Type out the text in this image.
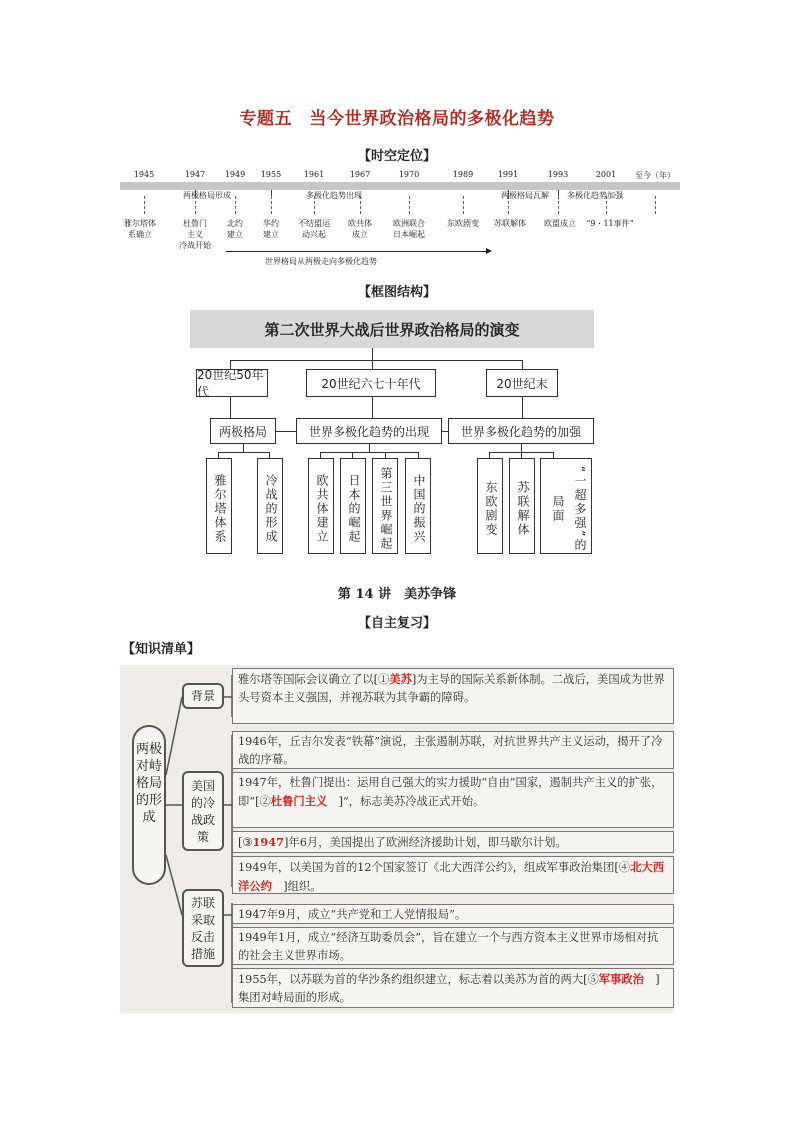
专题五　当今世界政治格局的多极化趋势
【时空定位】
1945	1947 1949 1955	1961	1967	1970	1989	1991	1993	2001 至今（年）
两极格局形成	多极化趋势出现	两极格局瓦解 多极化趋势加强
雅尔塔体
系确立
杜鲁门
主义
冷战开始
北约
建立
华约
建立
不结盟运
动兴起
欧共体
成立
欧洲联合
日本崛起
东欧剧变 苏联解体 欧盟成立 “9・11事件”
世界格局从两极走向多极化趋势
【框图结构】
第二次世界大战后世界政治格局的演变
20世纪50年代
20世纪六七十年代	20世纪末
两极格局	世界多极化趋势的出现	世界多极化趋势的加强
雅尔塔体系	冷战的形成	欧共体建立	日本的崛起	第三世界崛起	中国的振兴	东欧剧变	苏联解体	“一超多强”的局面
第 14 讲　美苏争锋
【自主复习】
【知识清单】
两极对峙格局的形成
背景
美国的冷战政策
苏联采取反击措施
雅尔塔等国际会议确立了以[①美苏]为主导的国际关系新体制。二战后，美国成为世界头号资本主义强国，并视苏联为其争霸的障碍。
1946年，丘吉尔发表“铁幕”演说，主张遏制苏联，对抗世界共产主义运动，揭开了冷战的序幕。
1947年，杜鲁门提出：运用自己强大的实力援助“自由”国家，遏制共产主义的扩张，即“[②杜鲁门主义　]”，标志美苏冷战正式开始。
[③1947]年6月，美国提出了欧洲经济援助计划，即马歇尔计划。
1949年，以美国为首的12个国家签订《北大西洋公约》，组成军事政治集团[④北大西洋公约　]组织。
1947年9月，成立“共产党和工人党情报局”。
1949年1月，成立“经济互助委员会”，旨在建立一个与西方资本主义世界市场相对抗的社会主义世界市场。
1955年，以苏联为首的华沙条约组织建立，标志着以美苏为首的两大[⑤军事政治　]集团对峙局面的形成。
